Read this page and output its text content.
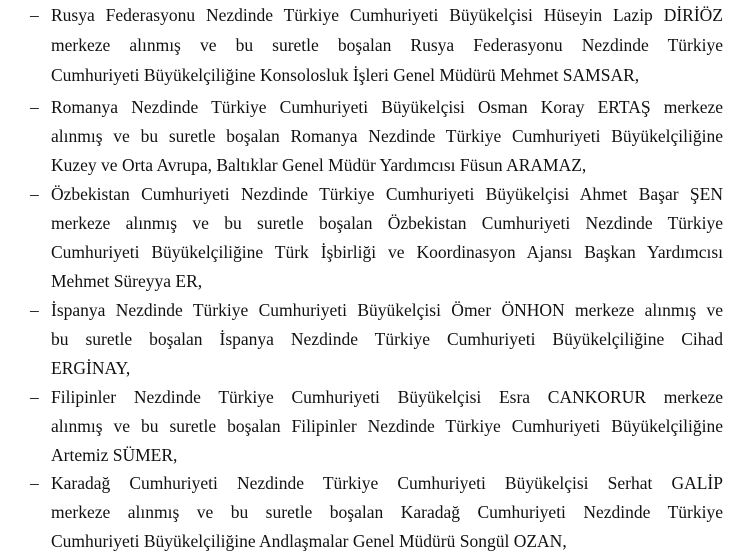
– Rusya Federasyonu Nezdinde Türkiye Cumhuriyeti Büyükelçisi Hüseyin Lazip DİRİÖZ
merkeze alınmış ve bu suretle boşalan Rusya Federasyonu Nezdinde Türkiye
Cumhuriyeti Büyükelçiliğine Konsolosluk İşleri Genel Müdürü Mehmet SAMSAR,
– Romanya Nezdinde Türkiye Cumhuriyeti Büyükelçisi Osman Koray ERTAŞ merkeze
alınmış ve bu suretle boşalan Romanya Nezdinde Türkiye Cumhuriyeti Büyükelçiliğine
Kuzey ve Orta Avrupa, Baltıklar Genel Müdür Yardımcısı Füsun ARAMAZ,
– Özbekistan Cumhuriyeti Nezdinde Türkiye Cumhuriyeti Büyükelçisi Ahmet Başar ŞEN
merkeze alınmış ve bu suretle boşalan Özbekistan Cumhuriyeti Nezdinde Türkiye
Cumhuriyeti Büyükelçiliğine Türk İşbirliği ve Koordinasyon Ajansı Başkan Yardımcısı
Mehmet Süreyya ER,
– İspanya Nezdinde Türkiye Cumhuriyeti Büyükelçisi Ömer ÖNHON merkeze alınmış ve
bu suretle boşalan İspanya Nezdinde Türkiye Cumhuriyeti Büyükelçiliğine Cihad
ERGİNAY,
– Filipinler Nezdinde Türkiye Cumhuriyeti Büyükelçisi Esra CANKORUR merkeze
alınmış ve bu suretle boşalan Filipinler Nezdinde Türkiye Cumhuriyeti Büyükelçiliğine
Artemiz SÜMER,
– Karadağ Cumhuriyeti Nezdinde Türkiye Cumhuriyeti Büyükelçisi Serhat GALİP
merkeze alınmış ve bu suretle boşalan Karadağ Cumhuriyeti Nezdinde Türkiye
Cumhuriyeti Büyükelçiliğine Andlaşmalar Genel Müdürü Songül OZAN,
